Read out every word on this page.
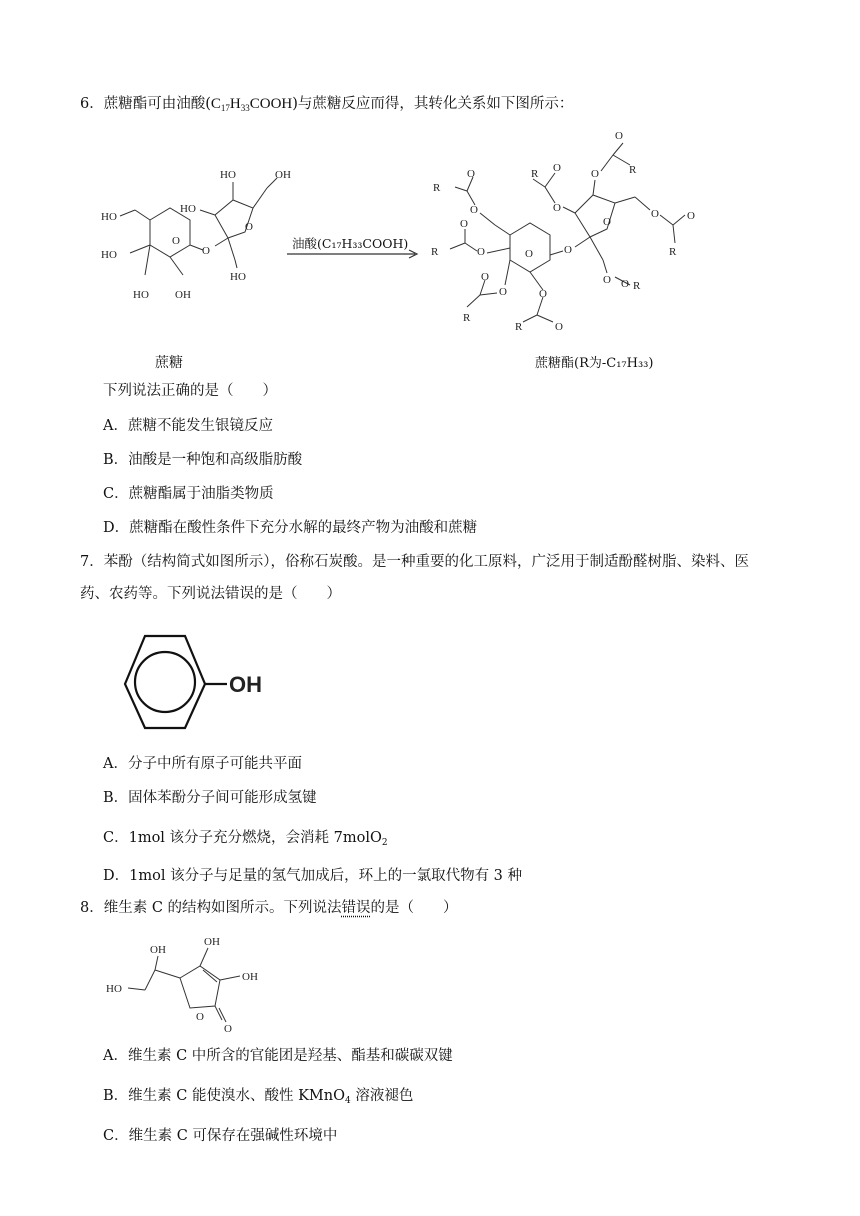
6．蔗糖酯可由油酸$(C_{17}H_{33}COOH)$与蔗糖反应而得，其转化关系如下图所示：
HO
HO
HO OH
O
O
HO
HO	OH
O
HO
油酸(C₁₇H₃₃COOH)
O
O
O
O
R
O
O
R
O
O
R
O
O
R	O
O
R O	O
O
R
O	O
R
O O R
蔗糖	蔗糖酯(R为-C₁₇H₃₃)
下列说法正确的是（　　）
A．蔗糖不能发生银镜反应
B．油酸是一种饱和高级脂肪酸
C．蔗糖酯属于油脂类物质
D．蔗糖酯在酸性条件下充分水解的最终产物为油酸和蔗糖
7．苯酚（结构简式如图所示），俗称石炭酸。是一种重要的化工原料，广泛用于制适酚醛树脂、染料、医
药、农药等。下列说法错误的是（　　）
OH
A．分子中所有原子可能共平面
B．固体苯酚分子间可能形成氢键
C．1mol 该分子充分燃烧，会消耗 7molO$_2$
D．1mol 该分子与足量的氢气加成后，环上的一氯取代物有 3 种
8．维生素 C 的结构如图所示。下列说法错误的是（　　）
HO
OH
OH
OH
O
O
A．维生素 C 中所含的官能团是羟基、酯基和碳碳双键
B．维生素 C 能使溴水、酸性 KMnO$_4$ 溶液褪色
C．维生素 C 可保存在强碱性环境中
